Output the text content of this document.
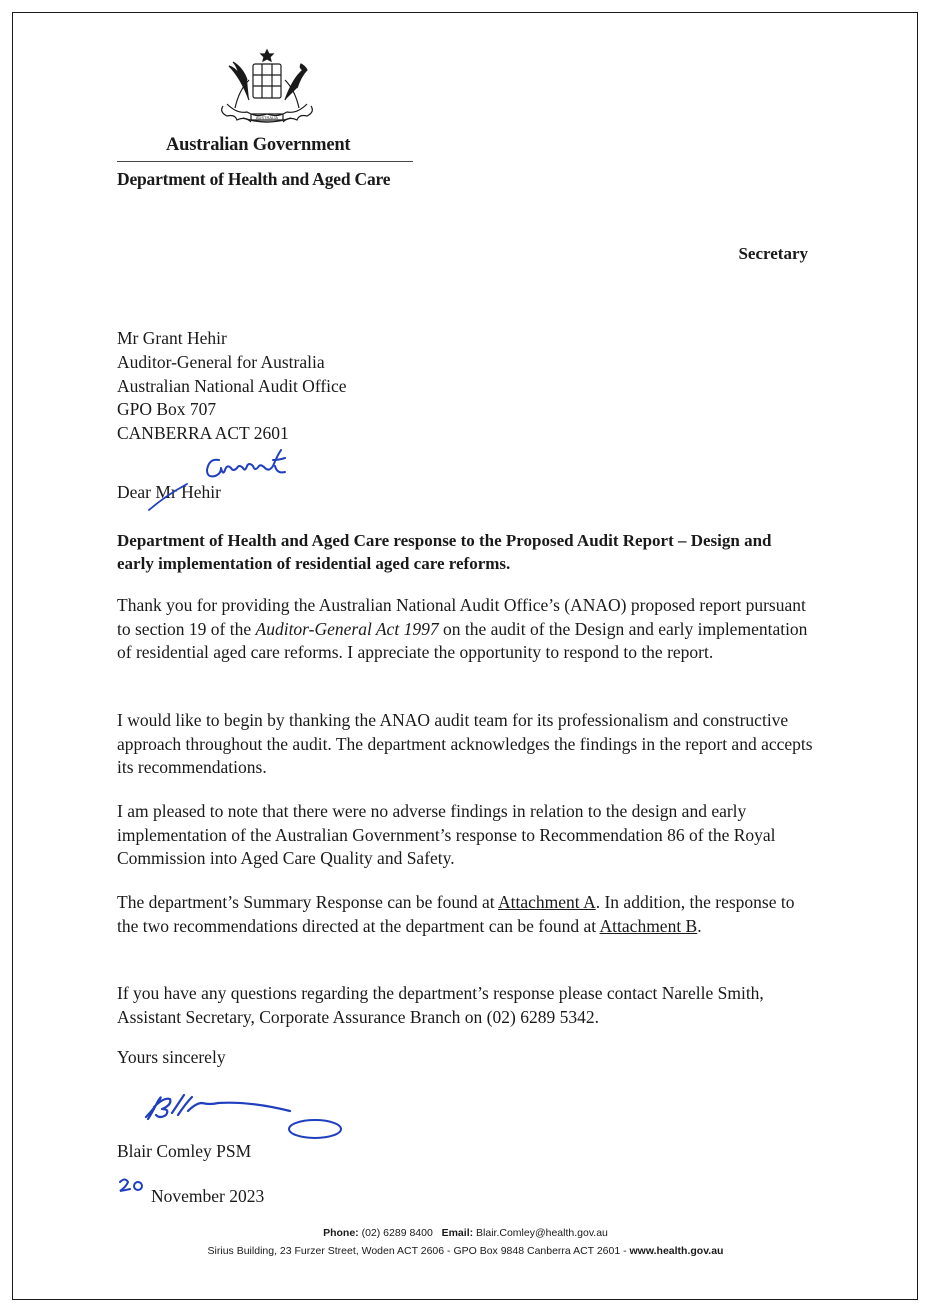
AUSTRALIA
Australian Government
Department of Health and Aged Care
Secretary
Mr Grant Hehir
Auditor-General for Australia
Australian National Audit Office
GPO Box 707
CANBERRA ACT 2601
Dear Mr Hehir
Department of Health and Aged Care response to the Proposed Audit Report – Design and early implementation of residential aged care reforms.
Thank you for providing the Australian National Audit Office’s (ANAO) proposed report pursuant to section 19 of the Auditor-General Act 1997 on the audit of the Design and early implementation of residential aged care reforms. I appreciate the opportunity to respond to the report.
I would like to begin by thanking the ANAO audit team for its professionalism and constructive approach throughout the audit. The department acknowledges the findings in the report and accepts its recommendations.
I am pleased to note that there were no adverse findings in relation to the design and early implementation of the Australian Government’s response to Recommendation 86 of the Royal Commission into Aged Care Quality and Safety.
The department’s Summary Response can be found at Attachment A. In addition, the response to the two recommendations directed at the department can be found at Attachment B.
If you have any questions regarding the department’s response please contact Narelle Smith, Assistant Secretary, Corporate Assurance Branch on (02) 6289 5342.
Yours sincerely
Blair Comley PSM
November 2023
Phone: (02) 6289 8400 Email: Blair.Comley@health.gov.au
Sirius Building, 23 Furzer Street, Woden ACT 2606 - GPO Box 9848 Canberra ACT 2601 - www.health.gov.au
